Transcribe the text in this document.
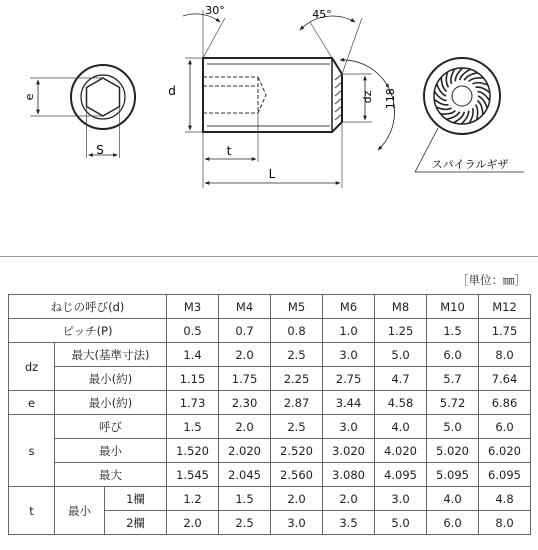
e
S
d
t
L
dz 118°
30°	45°
スパイラルギザ
［単位：㎜］
ねじの呼び(d)			M3	M4	M5	M6	M8	M10	M12
ピッチ(P)			0.5	0.7	0.8	1.0	1.25	1.5	1.75
dz	最大(基準寸法)		1.4	2.0	2.5	3.0	5.0	6.0	8.0
	最小(約)		1.15	1.75	2.25	2.75	4.7	5.7	7.64
e	最小(約)		1.73	2.30	2.87	3.44	4.58	5.72	6.86
s	呼び		1.5	2.0	2.5	3.0	4.0	5.0	6.0
	最小		1.520	2.020	2.520	3.020	4.020	5.020	6.020
	最大		1.545	2.045	2.560	3.080	4.095	5.095	6.095
t	最小	1欄	1.2	1.5	2.0	2.0	3.0	4.0	4.8
		2欄	2.0	2.5	3.0	3.5	5.0	6.0	8.0
